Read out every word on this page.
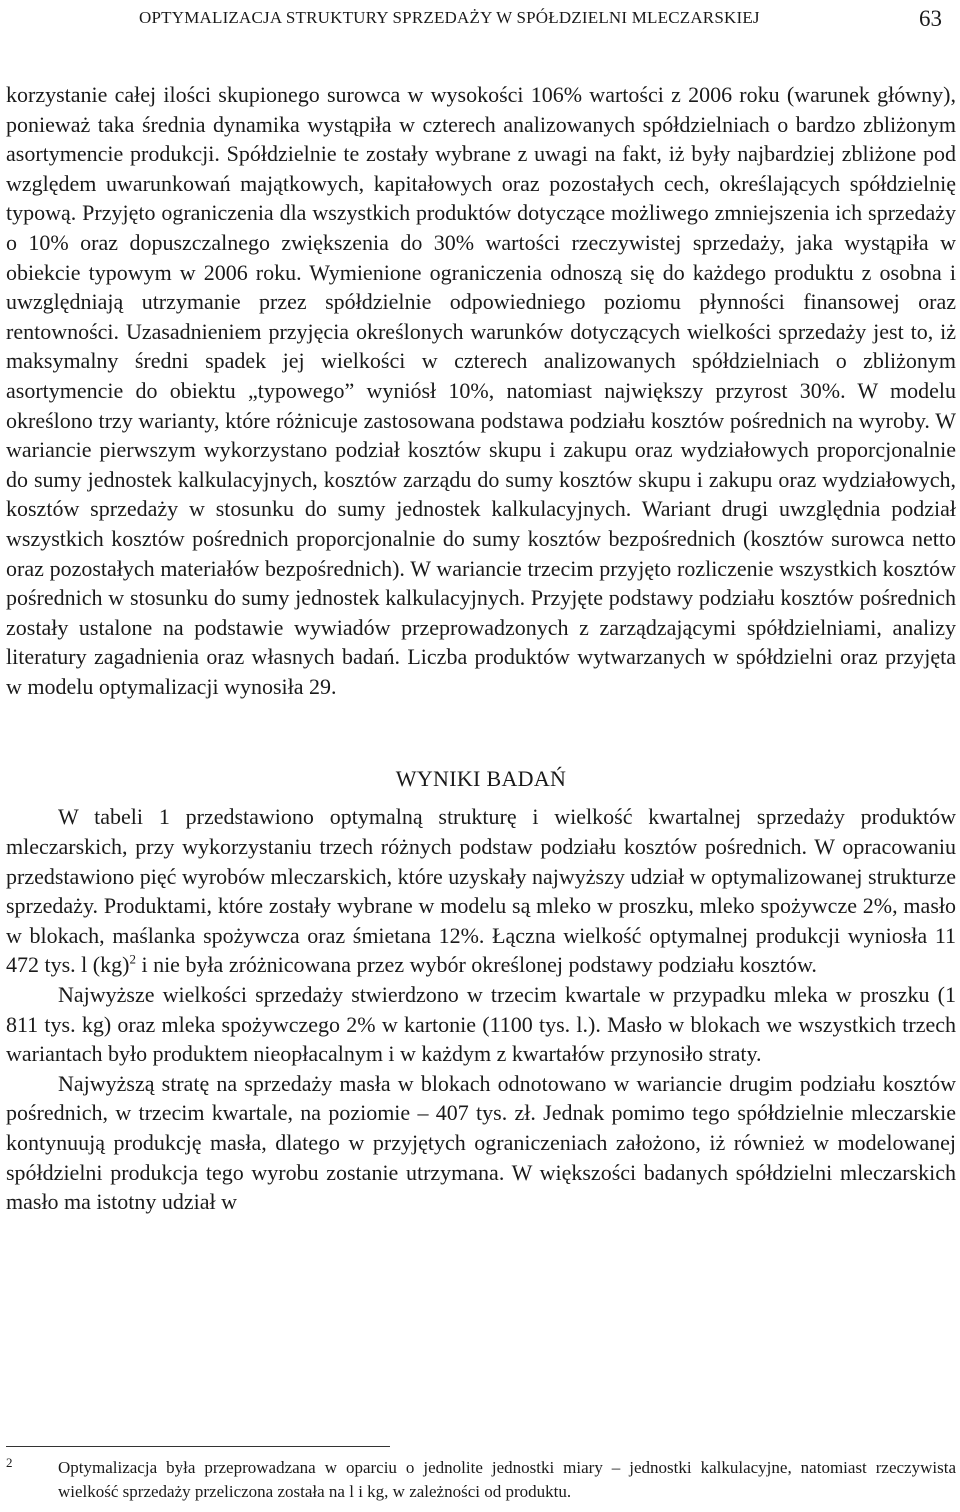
OPTYMALIZACJA STRUKTURY SPRZEDAŻY W SPÓŁDZIELNI MLECZARSKIEJ	63

korzystanie całej ilości skupionego surowca w wysokości 106% wartości z 2006 roku (warunek główny), ponieważ taka średnia dynamika wystąpiła w czterech analizowanych spółdzielniach o bardzo zbliżonym asortymencie produkcji. Spółdzielnie te zostały wybrane z uwagi na fakt, iż były najbardziej zbliżone pod względem uwarunkowań majątkowych, kapitałowych oraz pozostałych cech, określających spółdzielnię typową. Przyjęto ograniczenia dla wszystkich produktów dotyczące możliwego zmniejszenia ich sprzedaży o 10% oraz dopuszczalnego zwiększenia do 30% wartości rzeczywistej sprzedaży, jaka wystąpiła w obiekcie typowym w 2006 roku. Wymienione ograniczenia odnoszą się do każdego produktu z osobna i uwzględniają utrzymanie przez spółdzielnie odpowiedniego poziomu płynności finansowej oraz rentowności. Uzasadnieniem przyjęcia określonych warunków dotyczących wielkości sprzedaży jest to, iż maksymalny średni spadek jej wielkości w czterech analizowanych spółdzielniach o zbliżonym asortymencie do obiektu „typowego” wyniósł 10%, natomiast największy przyrost 30%. W modelu określono trzy warianty, które różnicuje zastosowana podstawa podziału kosztów pośrednich na wyroby. W wariancie pierwszym wykorzystano podział kosztów skupu i zakupu oraz wydziałowych proporcjonalnie do sumy jednostek kalkulacyjnych, kosztów zarządu do sumy kosztów skupu i zakupu oraz wydziałowych, kosztów sprzedaży w stosunku do sumy jednostek kalkulacyjnych. Wariant drugi uwzględnia podział wszystkich kosztów pośrednich proporcjonalnie do sumy kosztów bezpośrednich (kosztów surowca netto oraz pozostałych materiałów bezpośrednich). W wariancie trzecim przyjęto rozliczenie wszystkich kosztów pośrednich w stosunku do sumy jednostek kalkulacyjnych. Przyjęte podstawy podziału kosztów pośrednich zostały ustalone na podstawie wywiadów przeprowadzonych z zarządzającymi spółdzielniami, analizy literatury zagadnienia oraz własnych badań. Liczba produktów wytwarzanych w spółdzielni oraz przyjęta w modelu optymalizacji wynosiła 29.

WYNIKI BADAŃ

W tabeli 1 przedstawiono optymalną strukturę i wielkość kwartalnej sprzedaży produktów mleczarskich, przy wykorzystaniu trzech różnych podstaw podziału kosztów pośrednich. W opracowaniu przedstawiono pięć wyrobów mleczarskich, które uzyskały najwyższy udział w optymalizowanej strukturze sprzedaży. Produktami, które zostały wybrane w modelu są mleko w proszku, mleko spożywcze 2%, masło w blokach, maślanka spożywcza oraz śmietana 12%. Łączna wielkość optymalnej produkcji wyniosła 11 472 tys. l (kg)$^2$ i nie była zróżnicowana przez wybór określonej podstawy podziału kosztów.

Najwyższe wielkości sprzedaży stwierdzono w trzecim kwartale w przypadku mleka w proszku (1 811 tys. kg) oraz mleka spożywczego 2% w kartonie (1100 tys. l.). Masło w blokach we wszystkich trzech wariantach było produktem nieopłacalnym i w każdym z kwartałów przynosiło straty.

Najwyższą stratę na sprzedaży masła w blokach odnotowano w wariancie drugim podziału kosztów pośrednich, w trzecim kwartale, na poziomie – 407 tys. zł. Jednak pomimo tego spółdzielnie mleczarskie kontynuują produkcję masła, dlatego w przyjętych ograniczeniach założono, iż również w modelowanej spółdzielni produkcja tego wyrobu zostanie utrzymana. W większości badanych spółdzielni mleczarskich masło ma istotny udział w

2	Optymalizacja była przeprowadzana w oparciu o jednolite jednostki miary – jednostki kalkulacyjne, natomiast rzeczywista wielkość sprzedaży przeliczona została na l i kg, w zależności od produktu.
